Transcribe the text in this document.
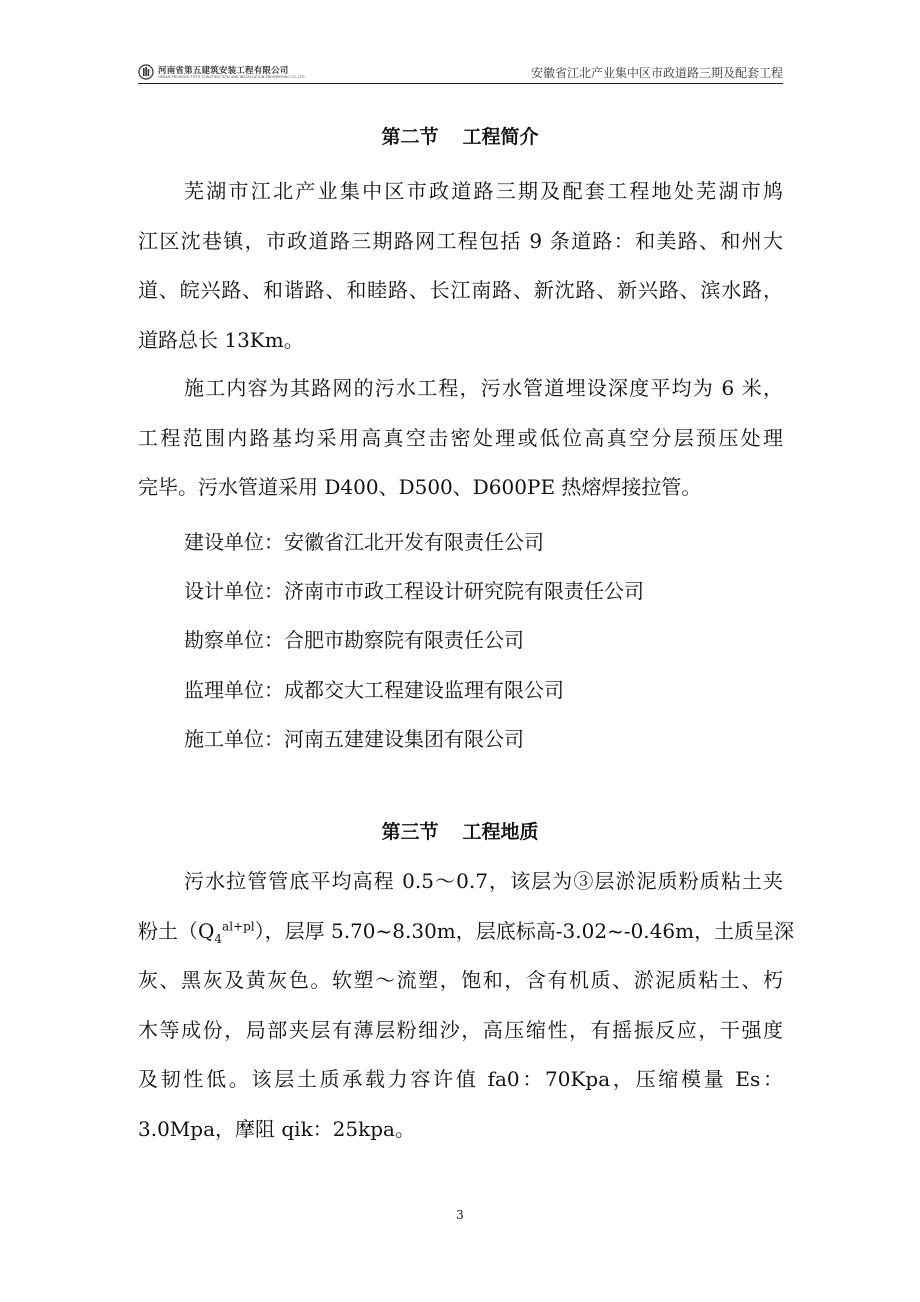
河南省第五建筑安装工程有限公司
HENAN PROVINCE FIFTH CONSTRUCTION AND INSTALLATION ENGINEERING CO.,LTD	安徽省江北产业集中区市政道路三期及配套工程
第二节 工程简介
芜湖市江北产业集中区市政道路三期及配套工程地处芜湖市鸠
江区沈巷镇，市政道路三期路网工程包括 9 条道路：和美路、和州大
道、皖兴路、和谐路、和睦路、长江南路、新沈路、新兴路、滨水路，
道路总长 13Km。
施工内容为其路网的污水工程，污水管道埋设深度平均为 6 米，
工程范围内路基均采用高真空击密处理或低位高真空分层预压处理
完毕。污水管道采用 D400、D500、D600PE 热熔焊接拉管。
建设单位：安徽省江北开发有限责任公司
设计单位：济南市市政工程设计研究院有限责任公司
勘察单位：合肥市勘察院有限责任公司
监理单位：成都交大工程建设监理有限公司
施工单位：河南五建建设集团有限公司
第三节 工程地质
污水拉管管底平均高程 0.5～0.7，该层为③层淤泥质粉质粘土夹
粉土$(Q_4^{al+pl})$，层厚 5.70~8.30m，层底标高-3.02~-0.46m，土质呈深
灰、黑灰及黄灰色。软塑～流塑，饱和，含有机质、淤泥质粘土、朽
木等成份，局部夹层有薄层粉细沙，高压缩性，有摇振反应，干强度
及韧性低。该层土质承载力容许值 fa0：70Kpa，压缩模量 Es：
3.0Mpa，摩阻 qik：25kpa。
3
